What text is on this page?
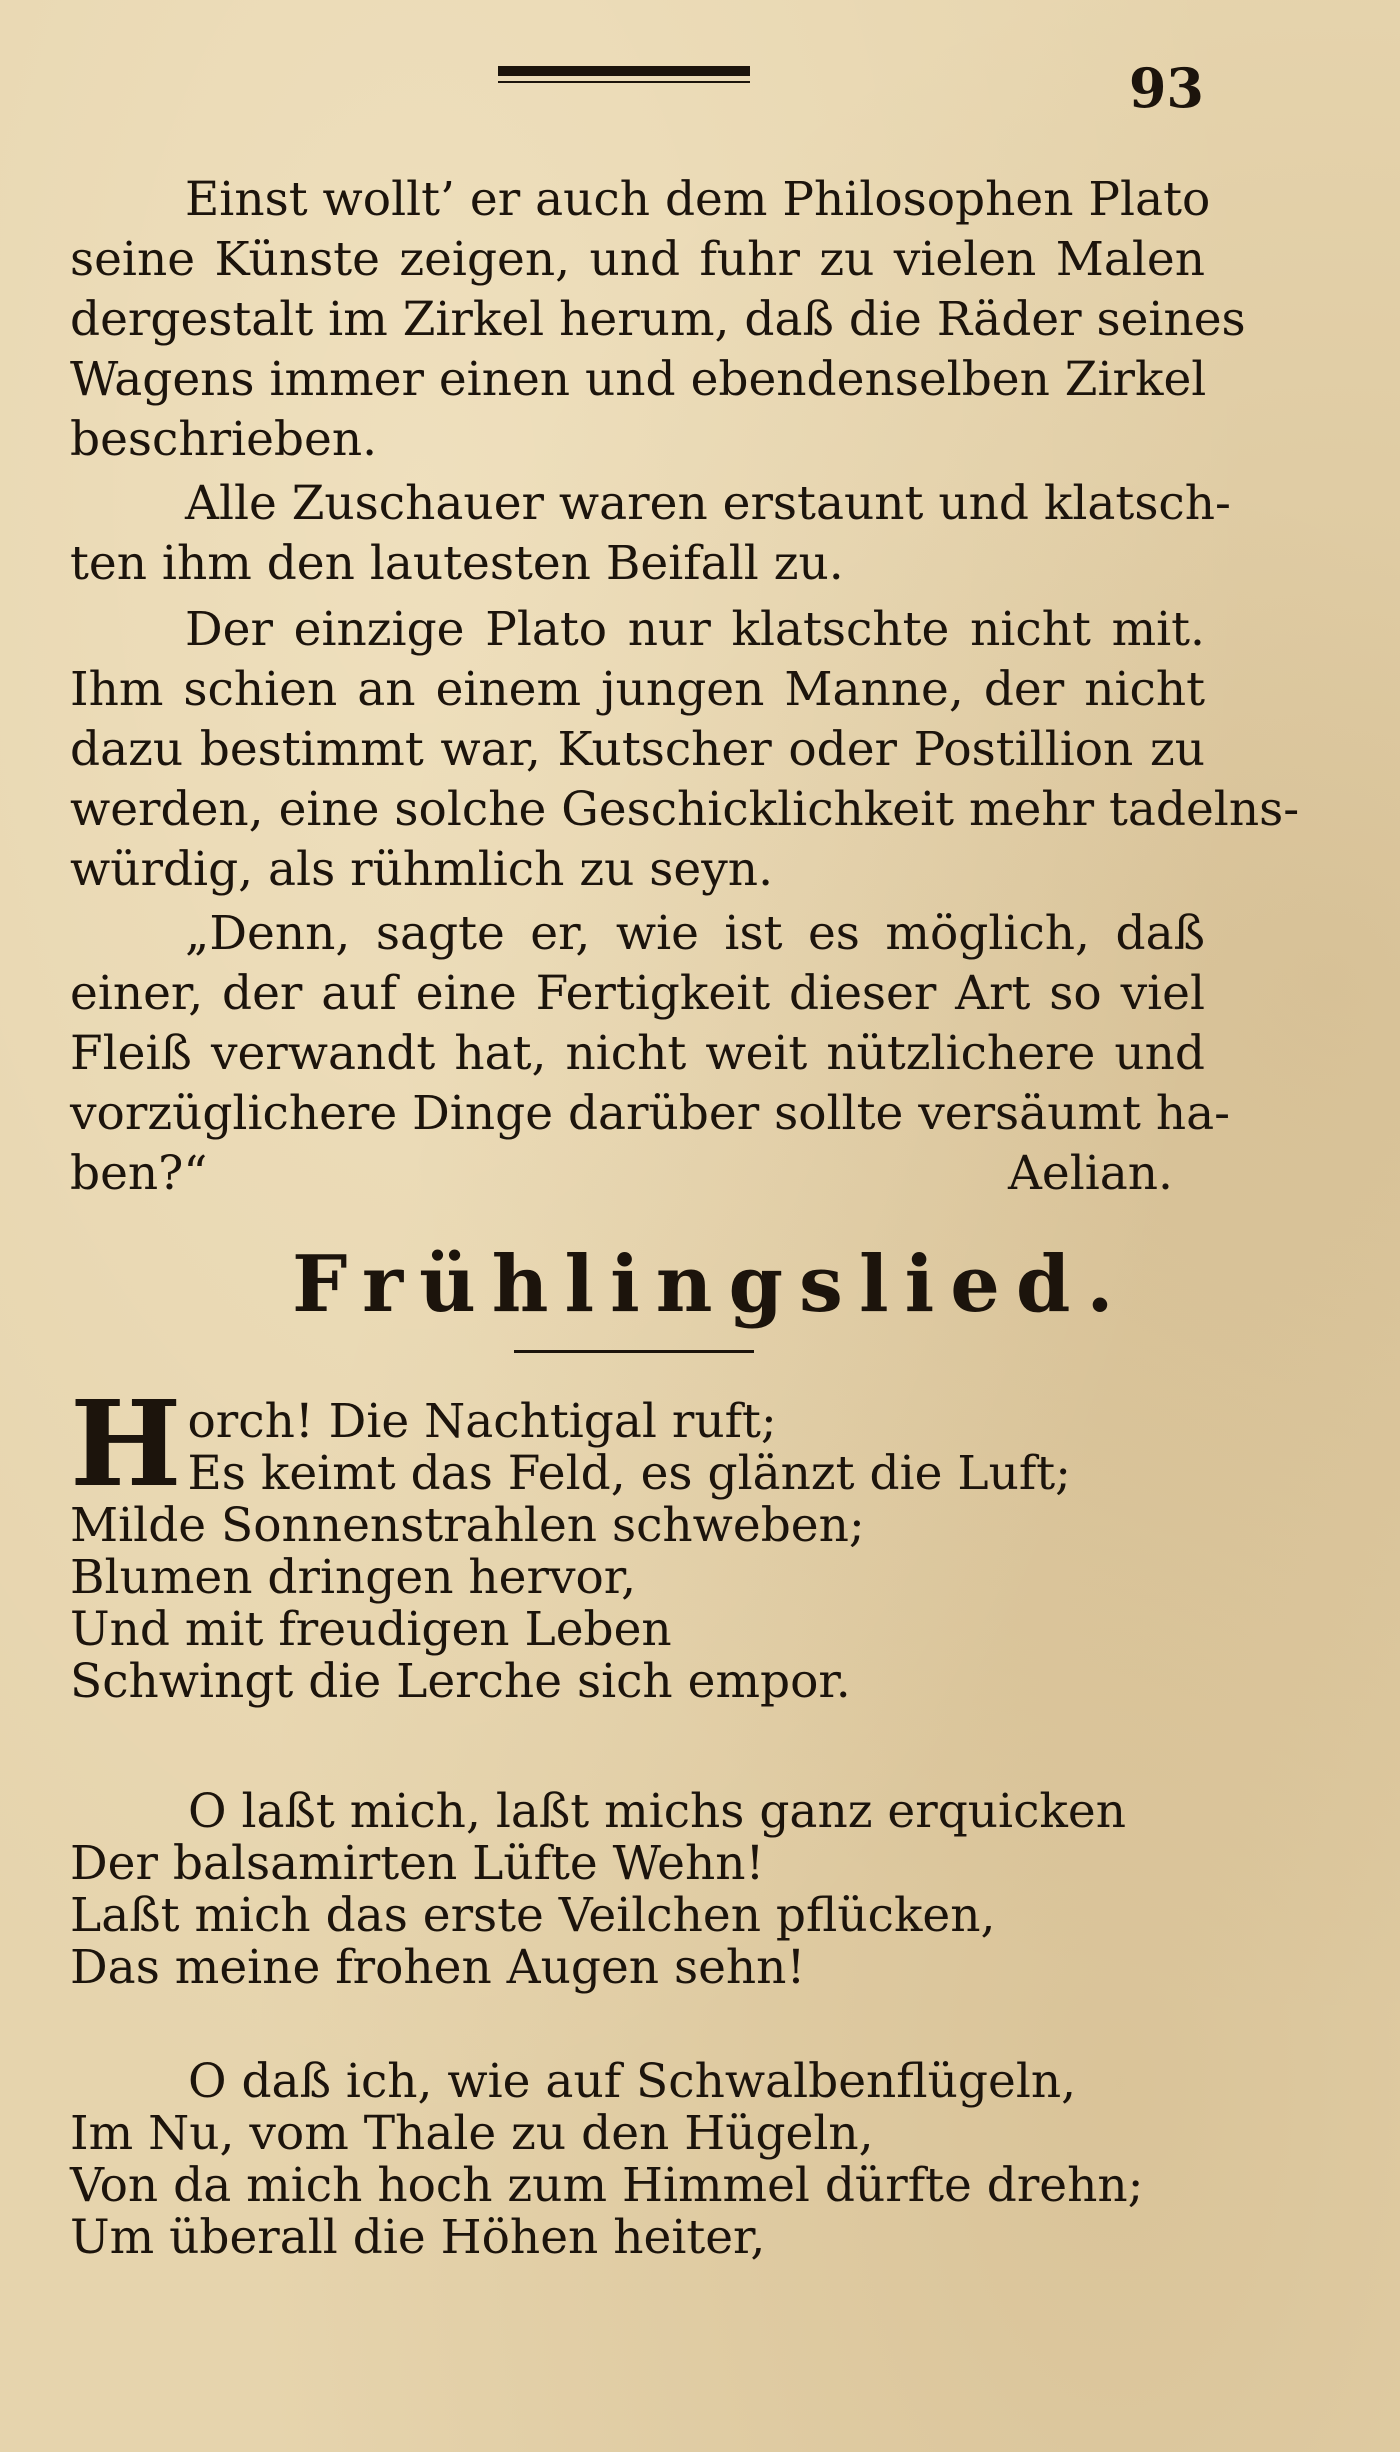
93
Einst wollt’ er auch dem Philosophen Plato
seine Künste zeigen, und fuhr zu vielen Malen
dergestalt im Zirkel herum, daß die Räder seines
Wagens immer einen und ebendenselben Zirkel
beschrieben.
Alle Zuschauer waren erstaunt und klatsch-
ten ihm den lautesten Beifall zu.
Der einzige Plato nur klatschte nicht mit.
Ihm schien an einem jungen Manne, der nicht
dazu bestimmt war, Kutscher oder Postillion zu
werden, eine solche Geschicklichkeit mehr tadelns-
würdig, als rühmlich zu seyn.
„Denn, sagte er, wie ist es möglich, daß
einer, der auf eine Fertigkeit dieser Art so viel
Fleiß verwandt hat, nicht weit nützlichere und
vorzüglichere Dinge darüber sollte versäumt ha-
ben?“	Aelian.
Frühlingslied.
H orch! Die Nachtigal ruft;
Es keimt das Feld, es glänzt die Luft;
Milde Sonnenstrahlen schweben;
Blumen dringen hervor,
Und mit freudigen Leben
Schwingt die Lerche sich empor.
O laßt mich, laßt michs ganz erquicken
Der balsamirten Lüfte Wehn!
Laßt mich das erste Veilchen pflücken,
Das meine frohen Augen sehn!
O daß ich, wie auf Schwalbenflügeln,
Im Nu, vom Thale zu den Hügeln,
Von da mich hoch zum Himmel dürfte drehn;
Um überall die Höhen heiter,
